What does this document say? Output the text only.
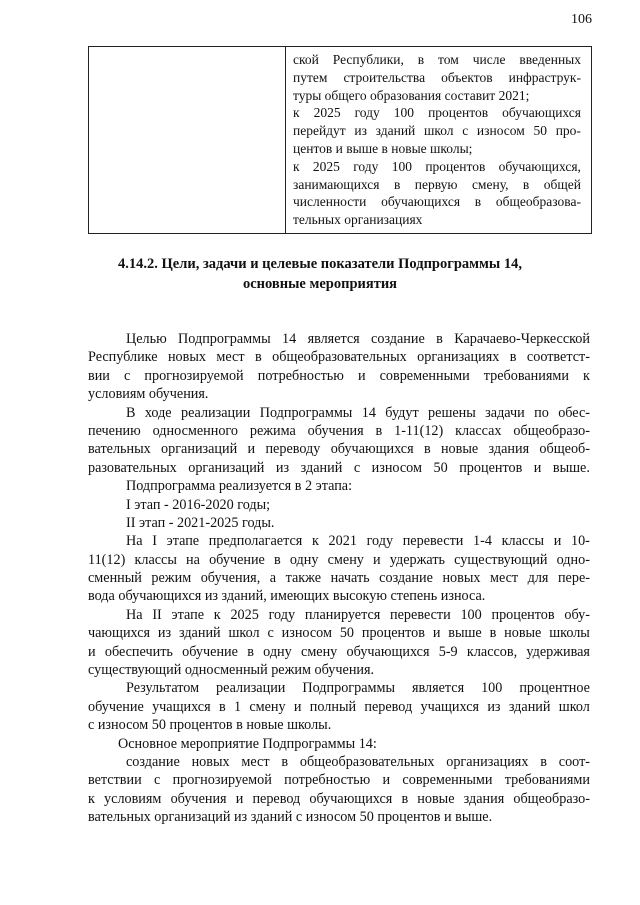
106
ской Республики, в том числе введенных
путем строительства объектов инфраструк-
туры общего образования составит 2021;
к 2025 году 100 процентов обучающихся
перейдут из зданий школ с износом 50 про-
центов и выше в новые школы;
к 2025 году 100 процентов обучающихся,
занимающихся в первую смену, в общей
численности обучающихся в общеобразова-
тельных организациях
4.14.2. Цели, задачи и целевые показатели Подпрограммы 14,
основные мероприятия
Целью Подпрограммы 14 является создание в Карачаево-Черкесской
Республике новых мест в общеобразовательных организациях в соответст-
вии с прогнозируемой потребностью и современными требованиями к
условиям обучения.
В ходе реализации Подпрограммы 14 будут решены задачи по обес-
печению односменного режима обучения в 1-11(12) классах общеобразо-
вательных организаций и переводу обучающихся в новые здания общеоб-
разовательных организаций из зданий с износом 50 процентов и выше.
Подпрограмма реализуется в 2 этапа:
I этап - 2016-2020 годы;
II этап - 2021-2025 годы.
На I этапе предполагается к 2021 году перевести 1-4 классы и 10-
11(12) классы на обучение в одну смену и удержать существующий одно-
сменный режим обучения, а также начать создание новых мест для пере-
вода обучающихся из зданий, имеющих высокую степень износа.
На II этапе к 2025 году планируется перевести 100 процентов обу-
чающихся из зданий школ с износом 50 процентов и выше в новые школы
и обеспечить обучение в одну смену обучающихся 5-9 классов, удерживая
существующий односменный режим обучения.
Результатом реализации Подпрограммы является 100 процентное
обучение учащихся в 1 смену и полный перевод учащихся из зданий школ
с износом 50 процентов в новые школы.
Основное мероприятие Подпрограммы 14:
создание новых мест в общеобразовательных организациях в соот-
ветствии с прогнозируемой потребностью и современными требованиями
к условиям обучения и перевод обучающихся в новые здания общеобразо-
вательных организаций из зданий с износом 50 процентов и выше.
